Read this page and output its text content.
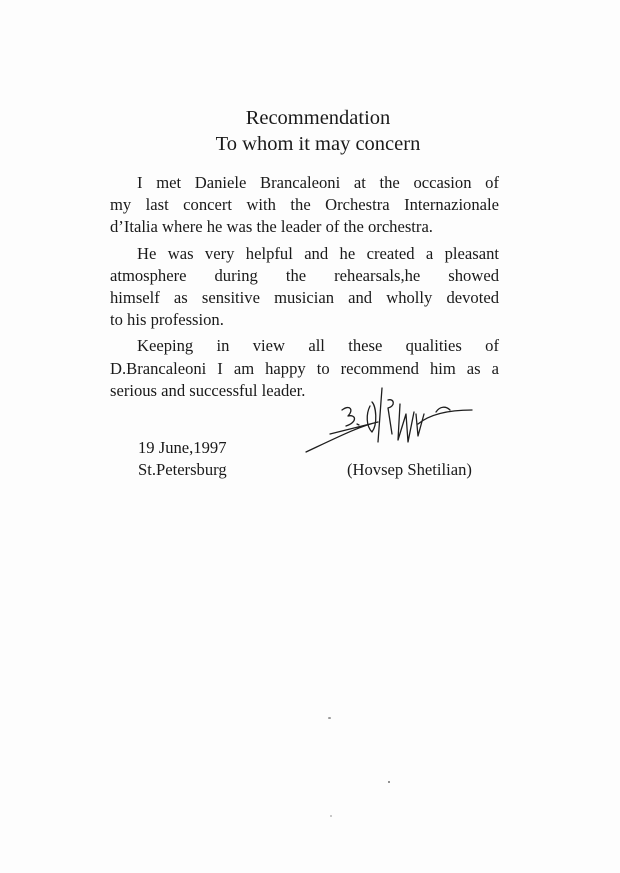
Recommendation
To whom it may concern
I met Daniele Brancaleoni at the occasion of
my last concert with the Orchestra Internazionale
d’Italia where he was the leader of the orchestra.
He was very helpful and he created a pleasant
atmosphere during the rehearsals,he showed
himself as sensitive musician and wholly devoted
to his profession.
Keeping in view all these qualities of
D.Brancaleoni I am happy to recommend him as a
serious and successful leader.
19 June,1997
St.Petersburg	(Hovsep Shetilian)
